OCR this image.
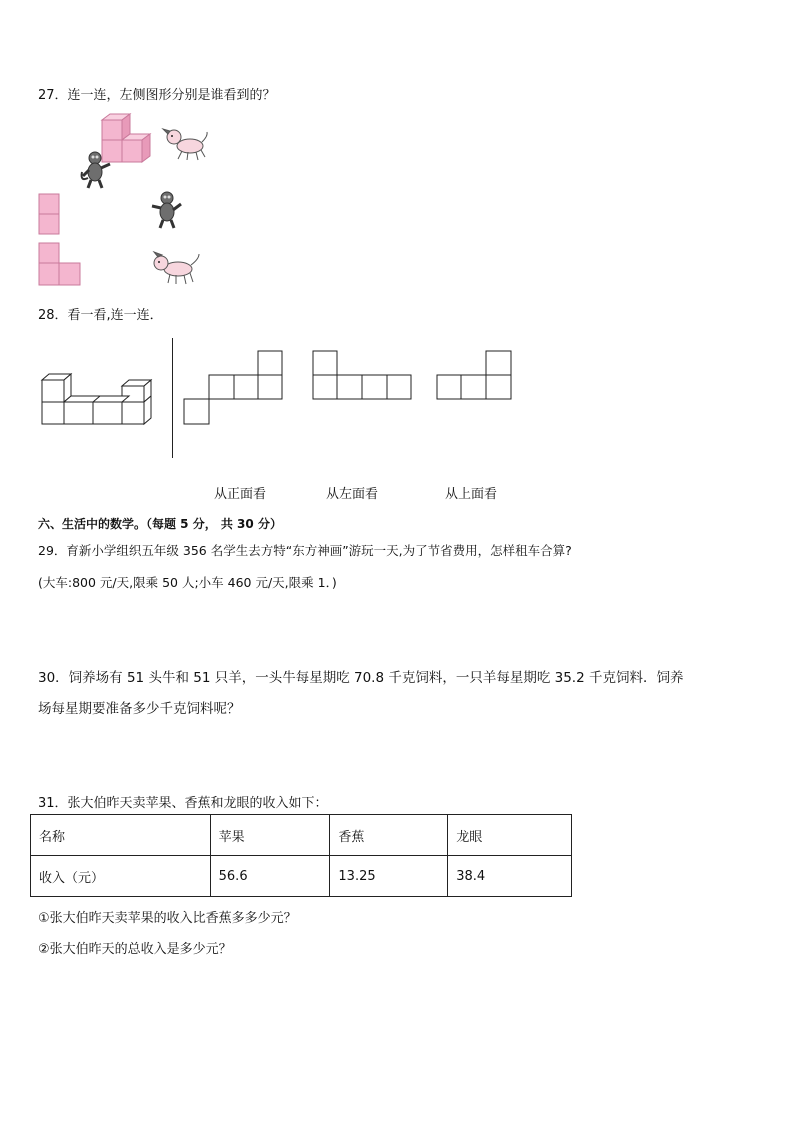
27．连一连，左侧图形分别是谁看到的？
28．看一看,连一连．
从正面看	从左面看	从上面看
六、生活中的数学。（每题 5 分， 共 30 分）
29．育新小学组织五年级 356 名学生去方特“东方神画”游玩一天,为了节省费用，怎样租车合算?
(大车:800 元/天,限乘 50 人;小车 460 元/天,限乘 1．)
30．饲养场有 51 头牛和 51 只羊，一头牛每星期吃 70.8 千克饲料，一只羊每星期吃 35.2 千克饲料．饲养
场每星期要准备多少千克饲料呢？
31．张大伯昨天卖苹果、香蕉和龙眼的收入如下：
名称	苹果	香蕉	龙眼
收入（元）	56.6	13.25	38.4
①张大伯昨天卖苹果的收入比香蕉多多少元？
②张大伯昨天的总收入是多少元？
